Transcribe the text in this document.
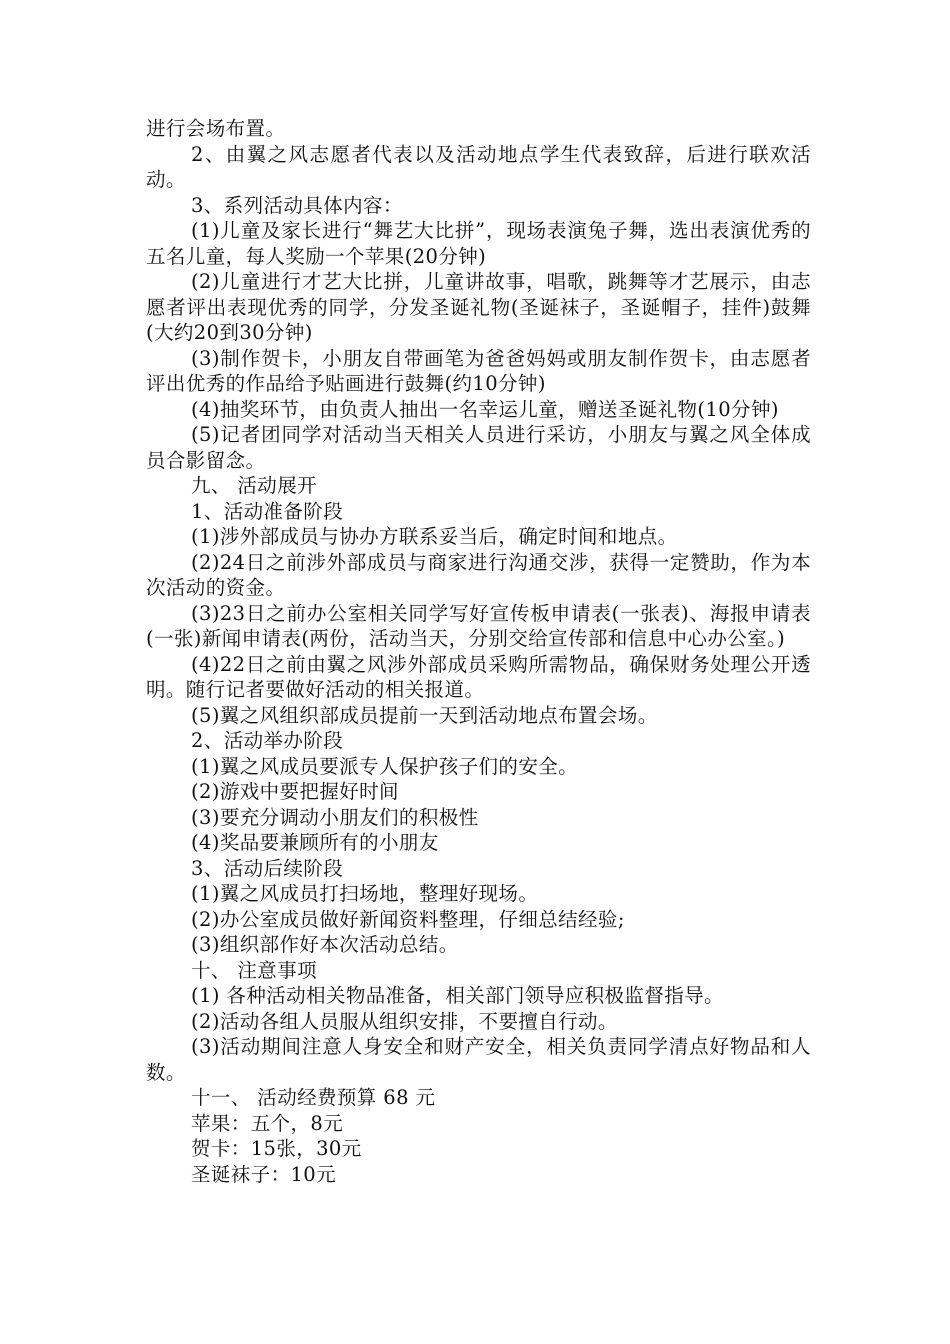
进行会场布置。

2、由翼之风志愿者代表以及活动地点学生代表致辞，后进行联欢活动。

3、系列活动具体内容：

(1)儿童及家长进行“舞艺大比拼”，现场表演兔子舞，选出表演优秀的五名儿童，每人奖励一个苹果(20分钟)

(2)儿童进行才艺大比拼，儿童讲故事，唱歌，跳舞等才艺展示，由志愿者评出表现优秀的同学，分发圣诞礼物(圣诞袜子，圣诞帽子，挂件)鼓舞(大约20到30分钟)

(3)制作贺卡，小朋友自带画笔为爸爸妈妈或朋友制作贺卡，由志愿者评出优秀的作品给予贴画进行鼓舞(约10分钟)

(4)抽奖环节，由负责人抽出一名幸运儿童，赠送圣诞礼物(10分钟)

(5)记者团同学对活动当天相关人员进行采访，小朋友与翼之风全体成员合影留念。

九、 活动展开

1、活动准备阶段

(1)涉外部成员与协办方联系妥当后，确定时间和地点。

(2)24日之前涉外部成员与商家进行沟通交涉，获得一定赞助，作为本次活动的资金。

(3)23日之前办公室相关同学写好宣传板申请表(一张表)、海报申请表(一张)新闻申请表(两份，活动当天，分别交给宣传部和信息中心办公室。)

(4)22日之前由翼之风涉外部成员采购所需物品，确保财务处理公开透明。随行记者要做好活动的相关报道。

(5)翼之风组织部成员提前一天到活动地点布置会场。

2、活动举办阶段

(1)翼之风成员要派专人保护孩子们的安全。

(2)游戏中要把握好时间

(3)要充分调动小朋友们的积极性

(4)奖品要兼顾所有的小朋友

3、活动后续阶段

(1)翼之风成员打扫场地，整理好现场。

(2)办公室成员做好新闻资料整理，仔细总结经验;

(3)组织部作好本次活动总结。

十、 注意事项

(1) 各种活动相关物品准备，相关部门领导应积极监督指导。

(2)活动各组人员服从组织安排，不要擅自行动。

(3)活动期间注意人身安全和财产安全，相关负责同学清点好物品和人数。

十一、 活动经费预算 68 元

苹果：五个，8元

贺卡：15张，30元

圣诞袜子：10元
